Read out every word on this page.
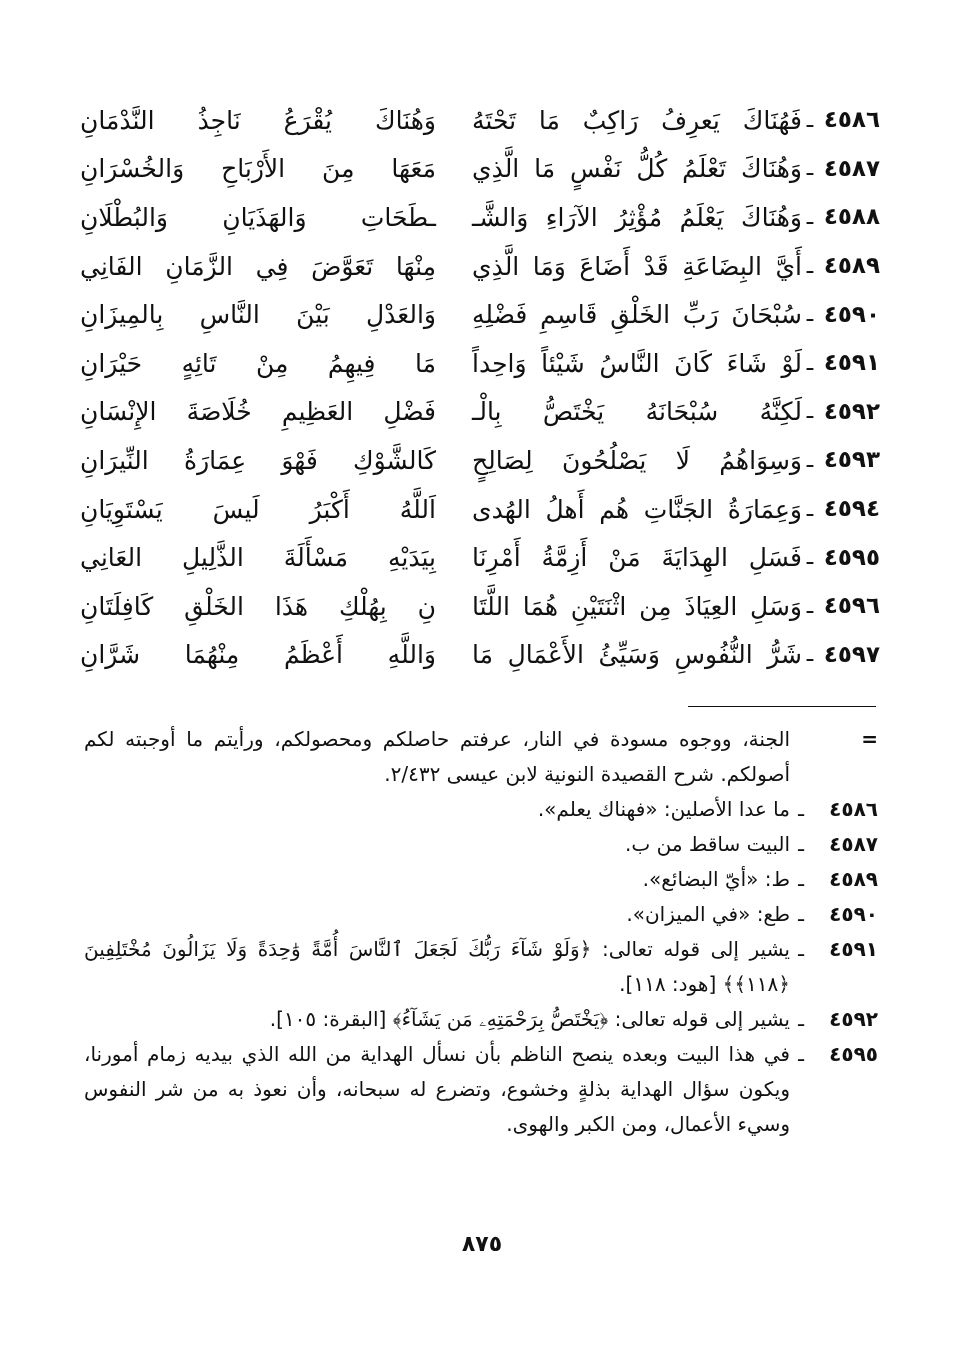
٤٥٨٦
ـ
فَهُنَاكَ يَعرِفُ رَاكِبٌ مَا تَحْتَهُ
وَهُنَاكَ يُقْرَعُ نَاجِذُ النَّدْمَانِ
٤٥٨٧
ـ
وَهُنَاكَ تَعْلَمُ كُلُّ نَفْسٍ مَا الَّذِي
مَعَهَا مِنَ الأَرْبَاحِ وَالخُسْرَانِ
٤٥٨٨
ـ
وَهُنَاكَ يَعْلَمُ مُؤْثِرُ الآرَاءِ وَالشَّـ
ـطَحَاتِ وَالهَذَيَانِ وَالبُطْلَانِ
٤٥٨٩
ـ
أَيَّ البِضَاعَةِ قَدْ أَضَاعَ وَمَا الَّذِي
مِنْهَا تَعَوَّضَ فِي الزَّمَانِ الفَانِي
٤٥٩٠
ـ
سُبْحَانَ رَبِّ الخَلْقِ قَاسِمِ فَضْلِهِ
وَالعَدْلِ بَيْنَ النَّاسِ بِالمِيزَانِ
٤٥٩١
ـ
لَوْ شَاءَ كَانَ النَّاسُ شَيْئاً وَاحِداً
مَا فِيهِمُ مِنْ تَائِهٍ حَيْرَانِ
٤٥٩٢
ـ
لَكِنَّهُ سُبْحَانَهُ يَخْتَصُّ بِالْـ
فَضْلِ العَظِيمِ خُلَاصَةَ الإِنْسَانِ
٤٥٩٣
ـ
وَسِوَاهُمُ لَا يَصْلُحُونَ لِصَالِحٍ
كَالشَّوْكِ فَهْوَ عِمَارَةُ النِّيرَانِ
٤٥٩٤
ـ
وَعِمَارَةُ الجَنَّاتِ هُم أَهلُ الهُدى
اَللَّهُ أَكْبَرُ لَيسَ يَسْتَوِيَانِ
٤٥٩٥
ـ
فَسَلِ الهِدَايَةَ مَنْ أَزِمَّةُ أَمْرِنَا
بِيَدَيْهِ مَسْأَلَةَ الذَّلِيلِ العَانِي
٤٥٩٦
ـ
وَسَلِ العِيَاذَ مِن اثْنَتَيْنِ هُمَا اللَّتَا
نِ بِهُلْكِ هَذَا الخَلْقِ كَافِلَتَانِ
٤٥٩٧
ـ
شَرُّ النُّفُوسِ وَسَيِّئُ الأَعْمَالِ مَا
وَاللَّهِ أَعْظَمُ مِنْهُمَا شَرَّانِ
=
الجنة، ووجوه مسودة في النار، عرفتم حاصلكم ومحصولكم، ورأيتم ما أوجبته لكم أصولكم. شرح القصيدة النونية لابن عيسى ٢/٤٣٢.
٤٥٨٦
ـ
ما عدا الأصلين: «فهناك يعلم».
٤٥٨٧
ـ
البيت ساقط من ب.
٤٥٨٩
ـ
ط: «أيّ البضائع».
٤٥٩٠
ـ
طع: «في الميزان».
٤٥٩١
ـ
يشير إلى قوله تعالى: ﴿وَلَوْ شَآءَ رَبُّكَ لَجَعَلَ ٱلنَّاسَ أُمَّةً وَٰحِدَةً وَلَا يَزَالُونَ مُخْتَلِفِينَ ﴿١١٨﴾﴾ [هود: ١١٨].
٤٥٩٢
ـ
يشير إلى قوله تعالى: ﴿يَخْتَصُّ بِرَحْمَتِهِۦ مَن يَشَآءُ﴾ [البقرة: ١٠٥].
٤٥٩٥
ـ
في هذا البيت وبعده ينصح الناظم بأن نسأل الهداية من الله الذي بيديه زمام أمورنا، ويكون سؤال الهداية بذلةٍ وخشوع، وتضرع له سبحانه، وأن نعوذ به من شر النفوس وسيء الأعمال، ومن الكبر والهوى.
٨٧٥
